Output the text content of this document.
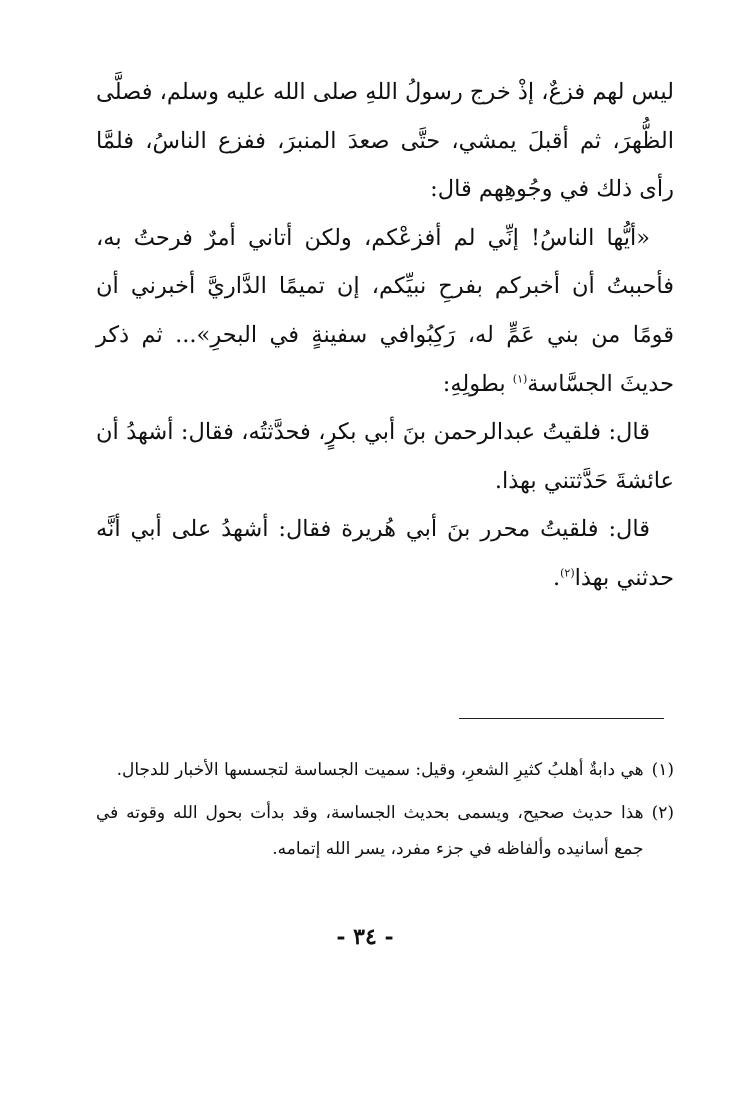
ليس لهم فزعٌ، إذْ خرج رسولُ اللهِ صلى الله عليه وسلم، فصلَّى الظُّهرَ، ثم أقبلَ يمشي، حتَّى صعدَ المنبرَ، ففزع الناسُ، فلمَّا رأى ذلك في وجُوهِهم قال:

«أيُّها الناسُ! إنِّي لم أفزعْكم، ولكن أتاني أمرٌ فرحتُ به، فأحببتُ أن أخبركم بفرحِ نبيِّكم، إن تميمًا الدَّاريَّ أخبرني أن قومًا من بني عَمٍّ له، رَكِبُوافي سفينةٍ في البحرِ»... ثم ذكر حديثَ الجسَّاسة$^{(١)}$ بطولِهِ:

قال: فلقيتُ عبدالرحمن بنَ أبي بكرٍ، فحدَّثتُه، فقال: أشهدُ أن عائشةَ حَدَّثتني بهذا.

قال: فلقيتُ محرر بنَ أبي هُريرة فقال: أشهدُ على أبي أنَّه حدثني بهذا$^{(٢)}$.

(١)
هي دابةٌ أهلبُ كثيرِ الشعرِ، وقيل: سميت الجساسة لتجسسها الأخبار للدجال.
(٢)
هذا حديث صحيح، ويسمى بحديث الجساسة، وقد بدأت بحول الله وقوته في جمع أسانيده وألفاظه في جزء مفرد، يسر الله إتمامه.
- ٣٤ -
